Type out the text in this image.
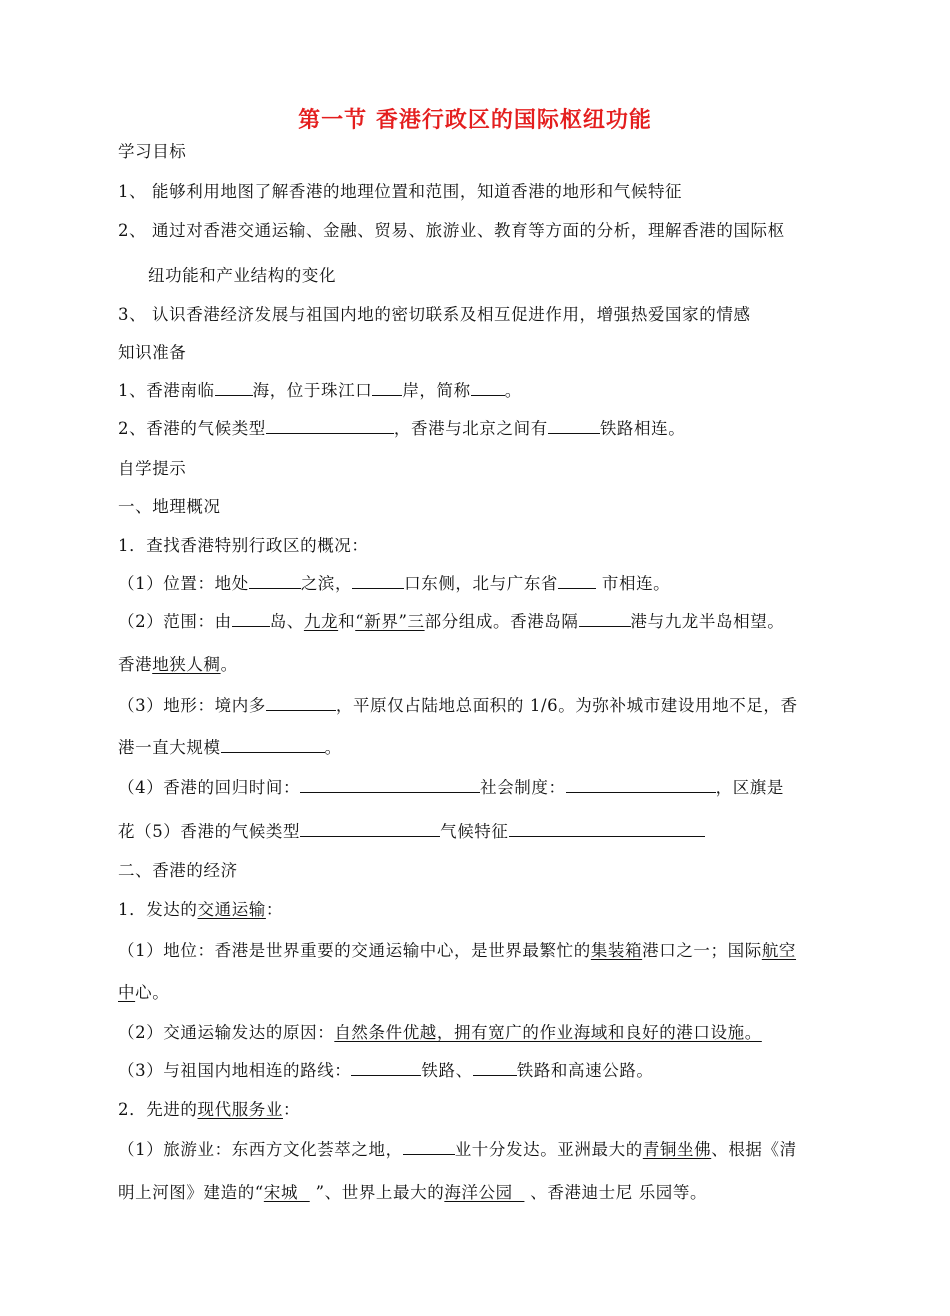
第一节 香港行政区的国际枢纽功能
学习目标
1、 能够利用地图了解香港的地理位置和范围，知道香港的地形和气候特征
2、 通过对香港交通运输、金融、贸易、旅游业、教育等方面的分析，理解香港的国际枢
纽功能和产业结构的变化
3、 认识香港经济发展与祖国内地的密切联系及相互促进作用，增强热爱国家的情感
知识准备
1、香港南临 海，位于珠江口 岸，简称 。
2、香港的气候类型	，香港与北京之间有	铁路相连。
自学提示
一、地理概况
1．查找香港特别行政区的概况：
（1）位置：地处	之滨，	口东侧，北与广东省 市相连。
（2）范围：由 岛、九龙和“新界”三部分组成。香港岛隔	港与九龙半岛相望。
香港地狭人稠。
（3）地形：境内多	，平原仅占陆地总面积的 1/6。为弥补城市建设用地不足，香
港一直大规模	。
（4）香港的回归时间：	社会制度：	，区旗是
花（5）香港的气候类型	气候特征
二、香港的经济
1．发达的交通运输：
（1）地位：香港是世界重要的交通运输中心，是世界最繁忙的集装箱港口之一；国际航空
中心。
（2）交通运输发达的原因：自然条件优越，拥有宽广的作业海域和良好的港口设施。
（3）与祖国内地相连的路线：	铁路、	铁路和高速公路。
2．先进的现代服务业：
（1）旅游业：东西方文化荟萃之地，	业十分发达。亚洲最大的青铜坐佛、根据《清
明上河图》建造的“宋城   ”、世界上最大的海洋公园   、香港迪士尼 乐园等。
